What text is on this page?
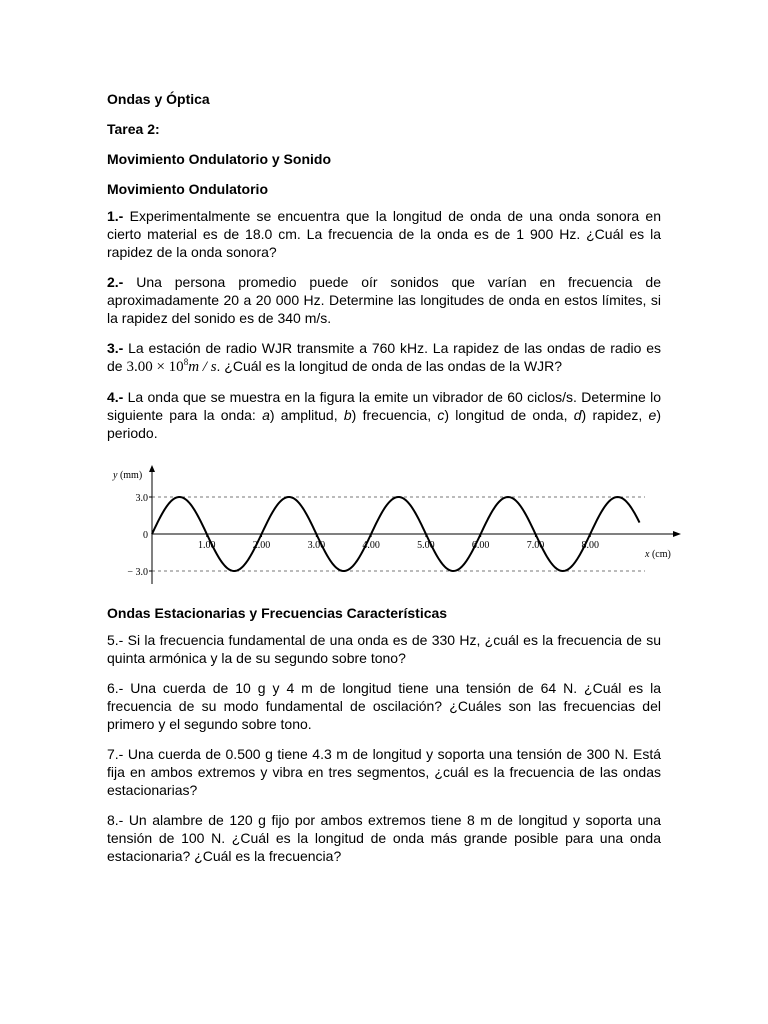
Ondas y Óptica

Tarea 2:

Movimiento Ondulatorio y Sonido

Movimiento Ondulatorio

1.- Experimentalmente se encuentra que la longitud de onda de una onda sonora en cierto material es de 18.0 cm. La frecuencia de la onda es de 1 900 Hz. ¿Cuál es la rapidez de la onda sonora?

2.- Una persona promedio puede oír sonidos que varían en frecuencia de aproximadamente 20 a 20 000 Hz. Determine las longitudes de onda en estos límites, si la rapidez del sonido es de 340 m/s.

3.- La estación de radio WJR transmite a 760 kHz. La rapidez de las ondas de radio es de $3.00 \times 10^8m / s$. ¿Cuál es la longitud de onda de las ondas de la WJR?

4.- La onda que se muestra en la figura la emite un vibrador de 60 ciclos/s. Determine lo siguiente para la onda: a) amplitud, b) frecuencia, c) longitud de onda, d) rapidez, e) periodo.

y (mm)
3.0
0
− 3.0
1.00	2.00	3.00	4.00	5.00	6.00	7.00	8.00
x (cm)

Ondas Estacionarias y Frecuencias Características

5.- Si la frecuencia fundamental de una onda es de 330 Hz, ¿cuál es la frecuencia de su quinta armónica y la de su segundo sobre tono?

6.- Una cuerda de 10 g y 4 m de longitud tiene una tensión de 64 N. ¿Cuál es la frecuencia de su modo fundamental de oscilación? ¿Cuáles son las frecuencias del primero y el segundo sobre tono.

7.- Una cuerda de 0.500 g tiene 4.3 m de longitud y soporta una tensión de 300 N. Está fija en ambos extremos y vibra en tres segmentos, ¿cuál es la frecuencia de las ondas estacionarias?

8.- Un alambre de 120 g fijo por ambos extremos tiene 8 m de longitud y soporta una tensión de 100 N. ¿Cuál es la longitud de onda más grande posible para una onda estacionaria? ¿Cuál es la frecuencia?
